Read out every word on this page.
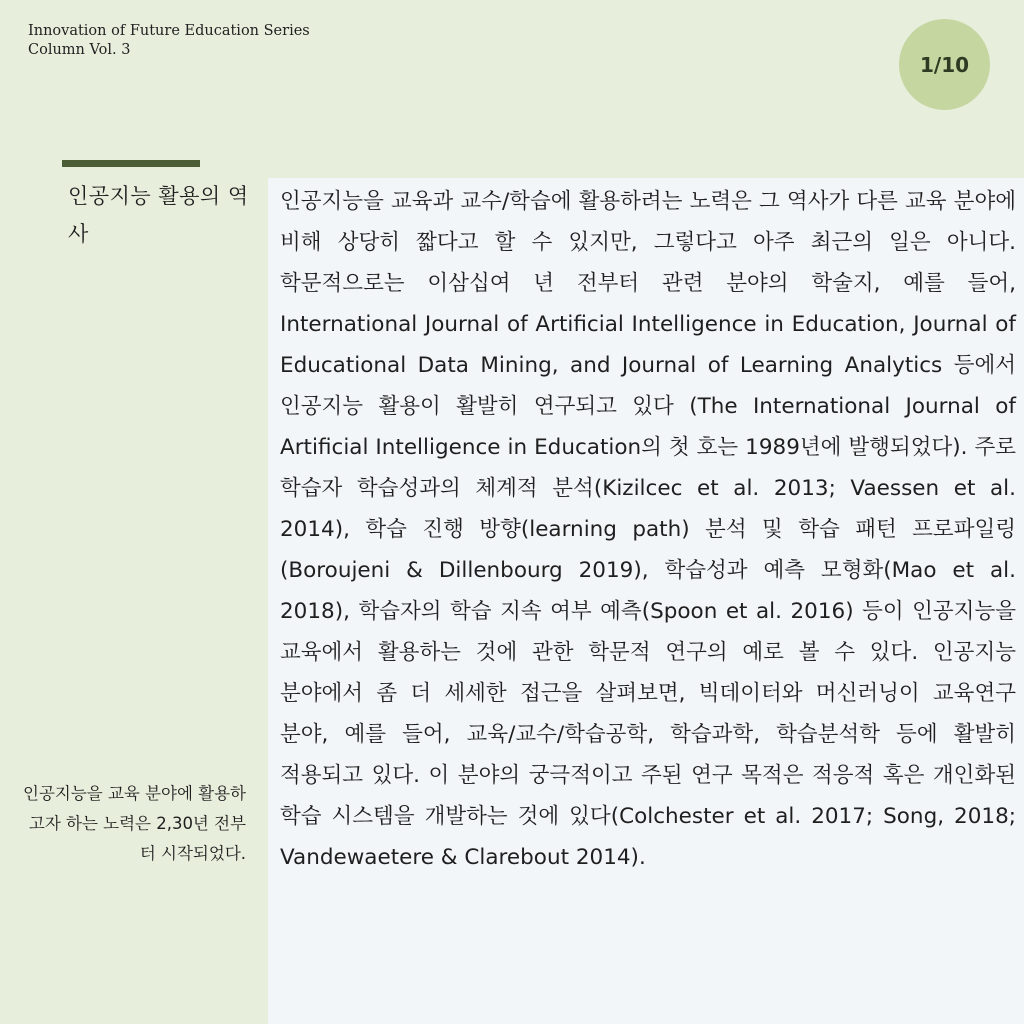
Innovation of Future Education Series
Column Vol. 3
1/10
인공지능 활용의 역사
인공지능을 교육 분야에 활용하고자 하는 노력은 2,30년 전부터 시작되었다.

인공지능을 교육과 교수/학습에 활용하려는 노력은 그 역사가 다른 교육 분야에 비해 상당히 짧다고 할 수 있지만, 그렇다고 아주 최근의 일은 아니다. 학문적으로는 이삼십여 년 전부터 관련 분야의 학술지, 예를 들어, International Journal of Artificial Intelligence in Education, Journal of Educational Data Mining, and Journal of Learning Analytics 등에서 인공지능 활용이 활발히 연구되고 있다 (The International Journal of Artificial Intelligence in Education의 첫 호는 1989년에 발행되었다). 주로 학습자 학습성과의 체계적 분석(Kizilcec et al. 2013; Vaessen et al. 2014), 학습 진행 방향(learning path) 분석 및 학습 패턴 프로파일링(Boroujeni & Dillenbourg 2019), 학습성과 예측 모형화(Mao et al. 2018), 학습자의 학습 지속 여부 예측(Spoon et al. 2016) 등이 인공지능을 교육에서 활용하는 것에 관한 학문적 연구의 예로 볼 수 있다. 인공지능 분야에서 좀 더 세세한 접근을 살펴보면, 빅데이터와 머신러닝이 교육연구 분야, 예를 들어, 교육/교수/학습공학, 학습과학, 학습분석학 등에 활발히 적용되고 있다. 이 분야의 궁극적이고 주된 연구 목적은 적응적 혹은 개인화된 학습 시스템을 개발하는 것에 있다(Colchester et al. 2017; Song, 2018; Vandewaetere & Clarebout 2014).
